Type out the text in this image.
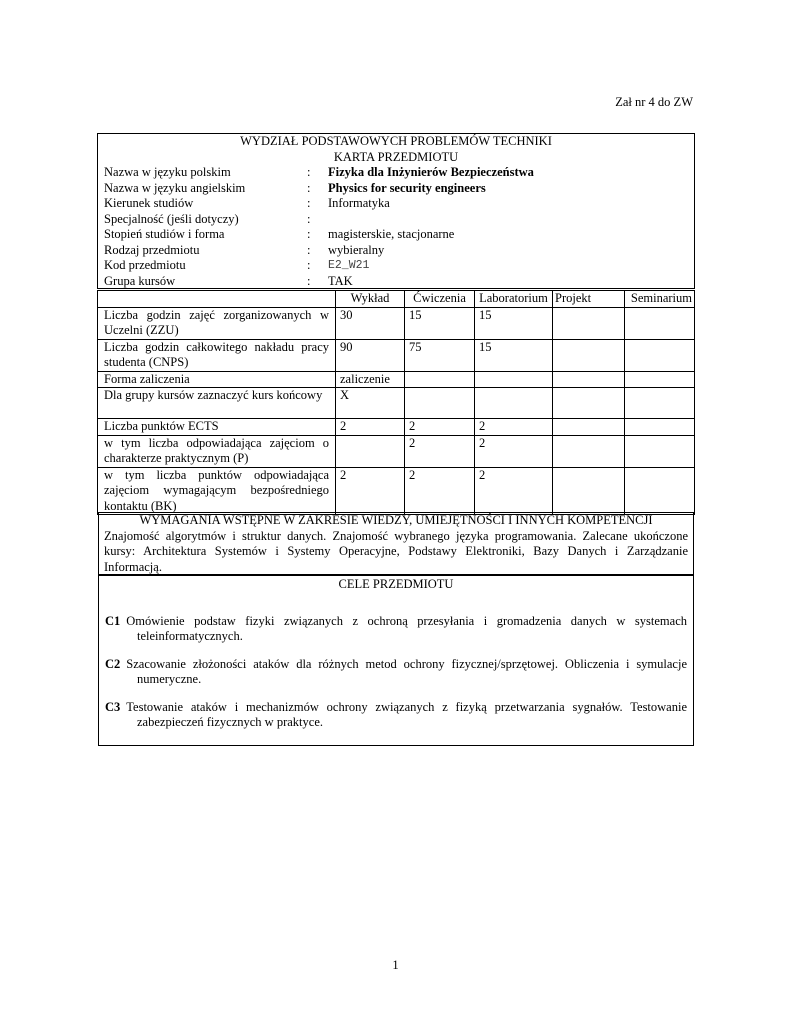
Zał nr 4 do ZW
WYDZIAŁ PODSTAWOWYCH PROBLEMÓW TECHNIKI
KARTA PRZEDMIOTU
Nazwa w języku polskim	: Fizyka dla Inżynierów Bezpieczeństwa
Nazwa w języku angielskim	: Physics for security engineers
Kierunek studiów	: Informatyka
Specjalność (jeśli dotyczy)	:
Stopień studiów i forma	: magisterskie, stacjonarne
Rodzaj przedmiotu	: wybieralny
Kod przedmiotu	: E2_W21
Grupa kursów	: TAK
	Wykład	Ćwiczenia	Laboratorium	Projekt	Seminarium
Liczba godzin zajęć zorganizowanych w Uczelni (ZZU)	30	15	15		
Liczba godzin całkowitego nakładu pracy studenta (CNPS)	90	75	15		
Forma zaliczenia	zaliczenie				
Dla grupy kursów zaznaczyć kurs końcowy	X				
Liczba punktów ECTS	2	2	2		
w tym liczba odpowiadająca zajęciom o charakterze praktycznym (P)		2	2		
w tym liczba punktów odpowiadająca zajęciom wymagającym bezpośredniego kontaktu (BK)	2	2	2		
WYMAGANIA WSTĘPNE W ZAKRESIE WIEDZY, UMIEJĘTNOŚCI I INNYCH KOMPETENCJI
Znajomość algorytmów i struktur danych. Znajomość wybranego języka programowania. Zalecane ukończone kursy: Architektura Systemów i Systemy Operacyjne, Podstawy Elektroniki, Bazy Danych i Zarządzanie Informacją.
CELE PRZEDMIOTU
C1 Omówienie podstaw fizyki związanych z ochroną przesyłania i gromadzenia danych w systemach teleinformatycznych.
C2 Szacowanie złożoności ataków dla różnych metod ochrony fizycznej/sprzętowej. Obliczenia i symulacje numeryczne.
C3 Testowanie ataków i mechanizmów ochrony związanych z fizyką przetwarzania sygnałów. Testowanie zabezpieczeń fizycznych w praktyce.
1
